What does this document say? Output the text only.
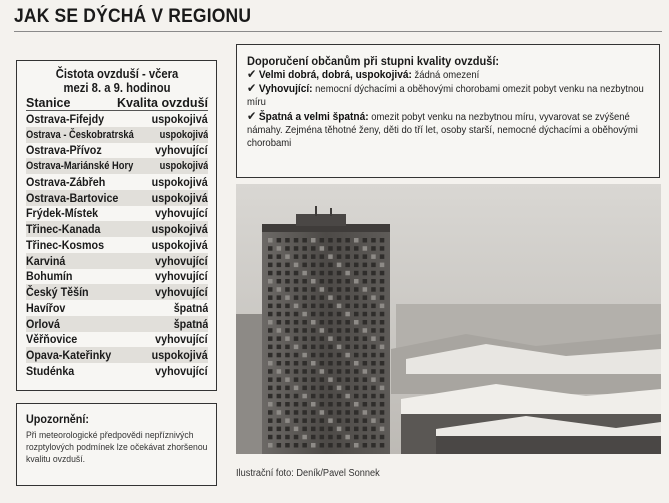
JAK SE DÝCHÁ V REGIONU
Čistota ovzduší - včera
mezi 8. a 9. hodinou
Stanice	Kvalita ovzduší
Ostrava-Fifejdy	uspokojivá
Ostrava - Českobratrská uspokojivá
Ostrava-Přívoz	vyhovující
Ostrava-Mariánské Hory uspokojivá
Ostrava-Zábřeh	uspokojivá
Ostrava-Bartovice	uspokojivá
Frýdek-Místek	vyhovující
Třinec-Kanada	uspokojivá
Třinec-Kosmos	uspokojivá
Karviná	vyhovující
Bohumín	vyhovující
Český Těšín	vyhovující
Havířov	špatná
Orlová	špatná
Věřňovice	vyhovující
Opava-Kateřinky	uspokojivá
Studénka	vyhovující
Upozornění:
Při meteorologické předpovědi nepříznivých rozptylových podmínek lze očekávat zhoršenou kvalitu ovzduší.
Doporučení občanům při stupni kvality ovzduší:
✔ Velmi dobrá, dobrá, uspokojivá: žádná omezení
✔ Vyhovující: nemocní dýchacími a oběhovými chorobami omezit pobyt venku na nezbytnou míru
✔ Špatná a velmi špatná: omezit pobyt venku na nezbytnou míru, vyvarovat se zvýšené námahy. Zejména těhotné ženy, děti do tří let, osoby starší, nemocné dýchacími a oběhovými chorobami
Ilustrační foto: Deník/Pavel Sonnek
